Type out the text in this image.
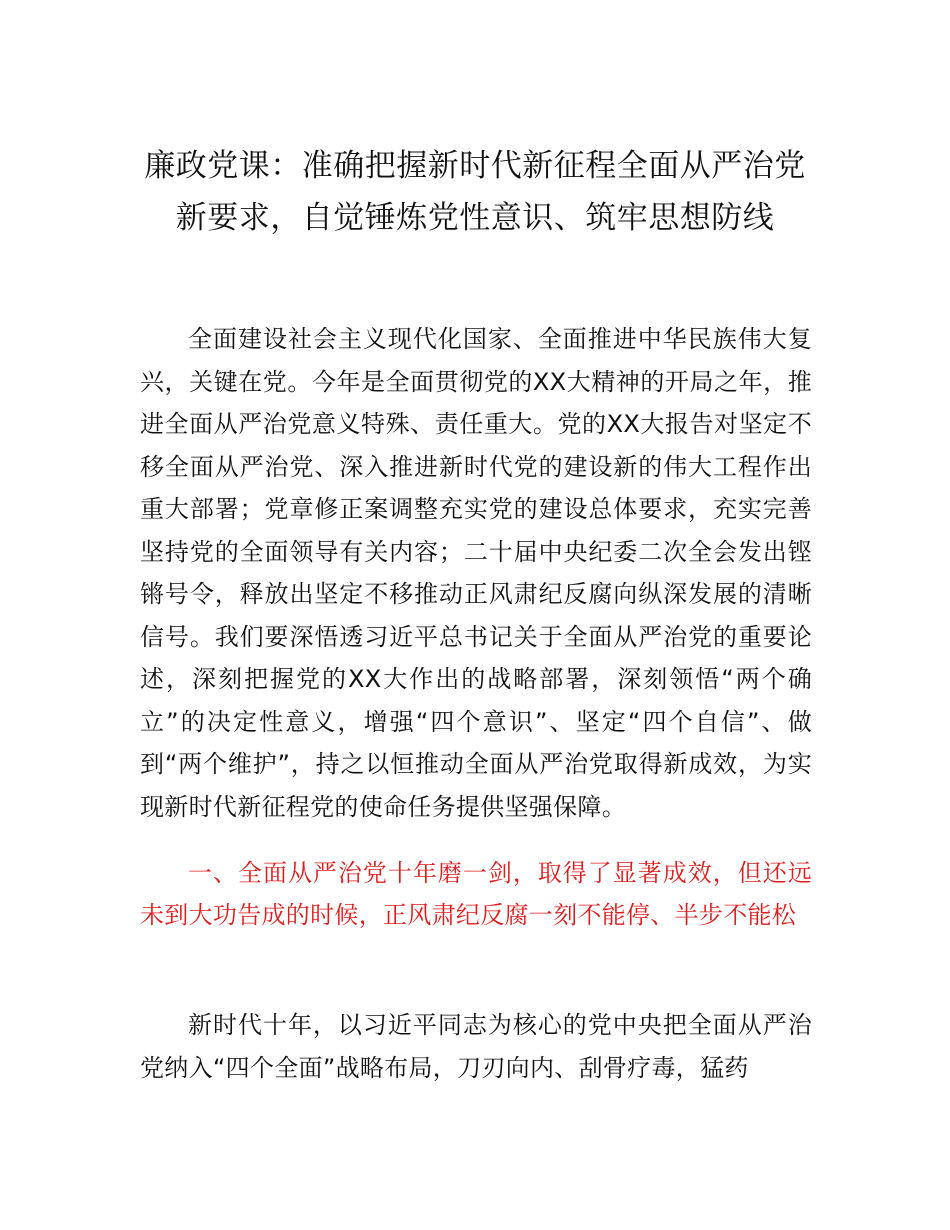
廉政党课：准确把握新时代新征程全面从严治党新要求，自觉锤炼党性意识、筑牢思想防线

全面建设社会主义现代化国家、全面推进中华民族伟大复兴，关键在党。今年是全面贯彻党的XX大精神的开局之年，推进全面从严治党意义特殊、责任重大。党的XX大报告对坚定不移全面从严治党、深入推进新时代党的建设新的伟大工程作出重大部署；党章修正案调整充实党的建设总体要求，充实完善坚持党的全面领导有关内容；二十届中央纪委二次全会发出铿锵号令，释放出坚定不移推动正风肃纪反腐向纵深发展的清晰信号。我们要深悟透习近平总书记关于全面从严治党的重要论述，深刻把握党的XX大作出的战略部署，深刻领悟“两个确立”的决定性意义，增强“四个意识”、坚定“四个自信”、做到“两个维护”，持之以恒推动全面从严治党取得新成效，为实现新时代新征程党的使命任务提供坚强保障。

一、全面从严治党十年磨一剑，取得了显著成效，但还远未到大功告成的时候，正风肃纪反腐一刻不能停、半步不能松

新时代十年，以习近平同志为核心的党中央把全面从严治党纳入“四个全面”战略布局，刀刃向内、刮骨疗毒，猛药
